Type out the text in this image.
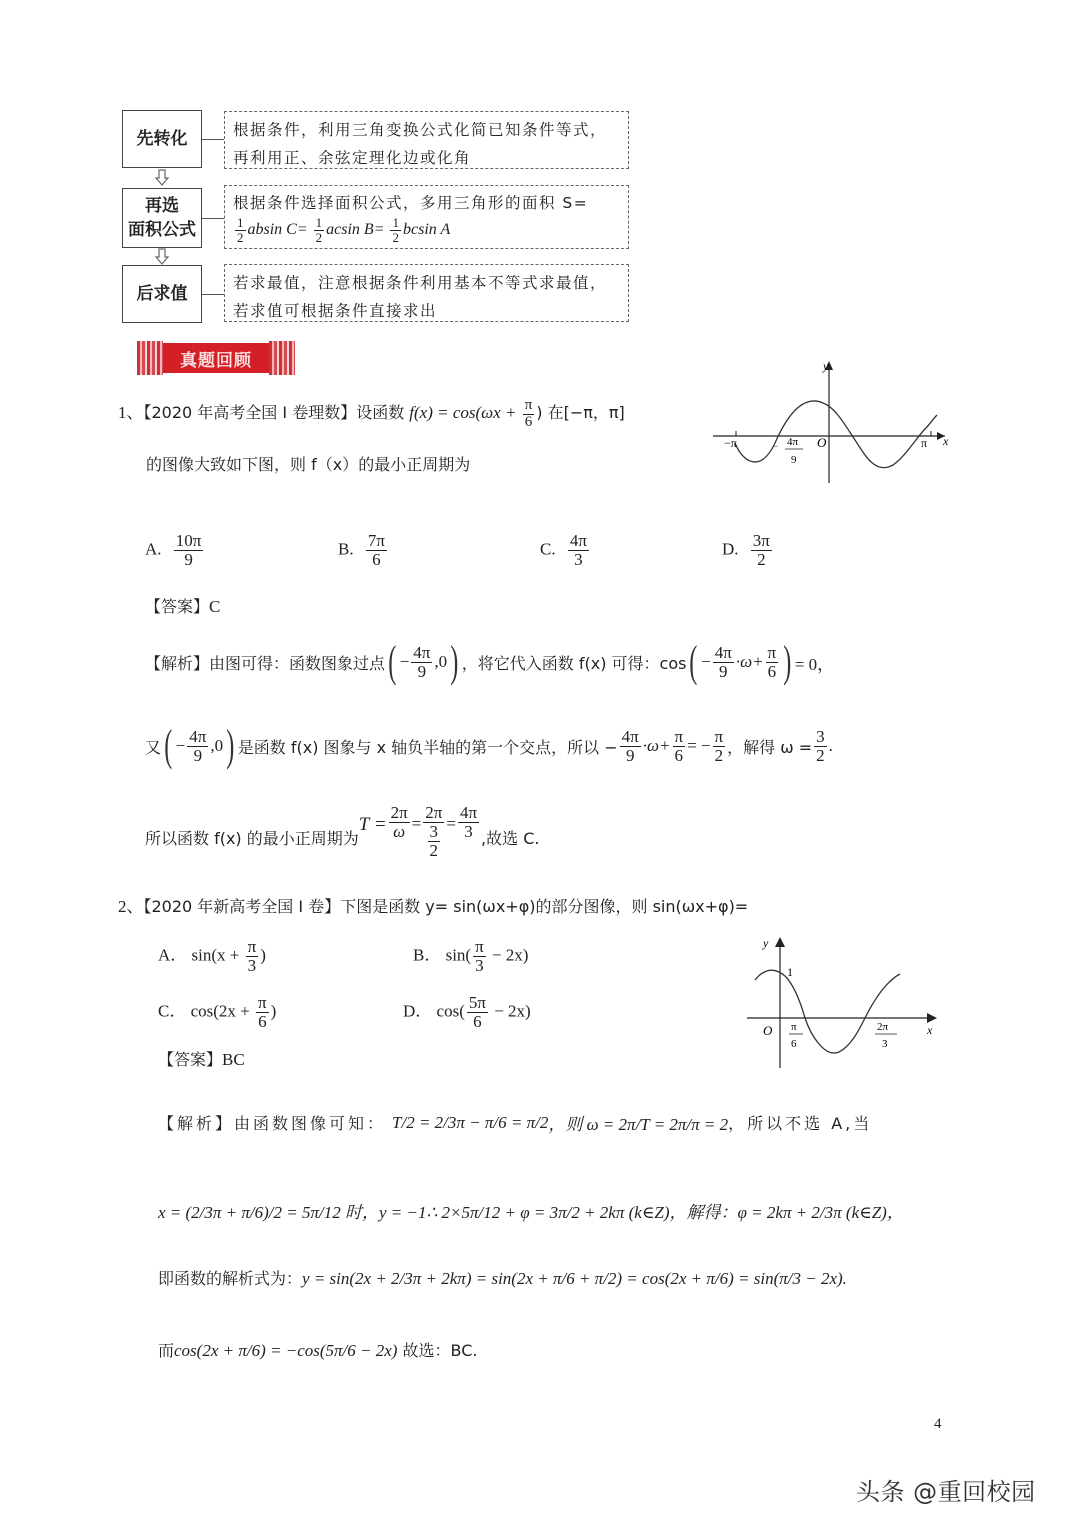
先转化	根据条件，利用三角变换公式化简已知条件等式，
再利用正、余弦定理化边或化角
再选
面积公式
根据条件选择面积公式，多用三角形的面积 S=
$\frac{1}{2}$ absin $C= \frac{1}{2}$ acsin $B= \frac{1}{2}$ bcsin A
后求值
若求最值，注意根据条件利用基本不等式求最值，
若求值可根据条件直接求出
真题回顾
1、【2020 年高考全国 Ⅰ 卷理数】设函数 $f(x) = \cos(\omega x + \frac{\pi}{6}$ ) 在[−π，π]
的图像大致如下图，则 f（x）的最小正周期为
y
x
O
−π	π
− 4π
9
A. $\frac{10\pi}{9}$	B. $\frac{7\pi}{6}$	C. $\frac{4\pi}{3}$	D. $\frac{3\pi}{2}$
【答案】C
【解析】 由图可得：函数图象过点 ( − $\frac{4\pi}{9} ,0$ ) ，将它代入函数 f(x) 可得：cos ( − $\frac{4\pi}{9} \cdot\omega+ \frac{\pi}{6}$ ) = 0，
又 ( − $\frac{4\pi}{9} ,0$ ) 是函数 f(x) 图象与 x 轴负半轴的第一个交点，所以 − $\frac{4\pi}{9} \cdot\omega+ \frac{\pi}{6}$ = − $\frac{\pi}{2}$ ，解得 $\omega = \frac{3}{2}$ .
所以函数 f(x) 的最小正周期为
$T = \frac{2\pi}{\omega} = \frac{2\pi}{\frac{3}{2}} = \frac{4\pi}{3}$ ,故选 C.
2、【2020 年新高考全国 Ⅰ 卷】下图是函数 y= sin(ωx+φ)的部分图像，则 sin(ωx+φ)=
A． $\sin(x + \frac{\pi}{3}$ )	B． $\sin( \frac{\pi}{3} - 2x)$
C． $\cos(2x + \frac{\pi}{6}$ )	D． $\cos( \frac{5\pi}{6} - 2x)$
y
1
x
O π
6
2π
3
【答案】BC
【解析】由函数图像可知： T/2 = 2/3π − π/6 = π/2 ，则 ω = 2π/T = 2π/π = 2 ，所以不选 A,当
x = (2/3π + π/6)/2 = 5π/12 时，y = −1∴ 2×5π/12 + φ = 3π/2 + 2kπ (k∈Z)，解得：φ = 2kπ + 2/3π (k∈Z)，
即函数的解析式为：y = sin(2x + 2/3π + 2kπ) = sin(2x + π/6 + π/2) = cos(2x + π/6) = sin(π/3 − 2x).
而cos(2x + π/6) = −cos(5π/6 − 2x) 故选：BC.
4
头条 @重回校园
